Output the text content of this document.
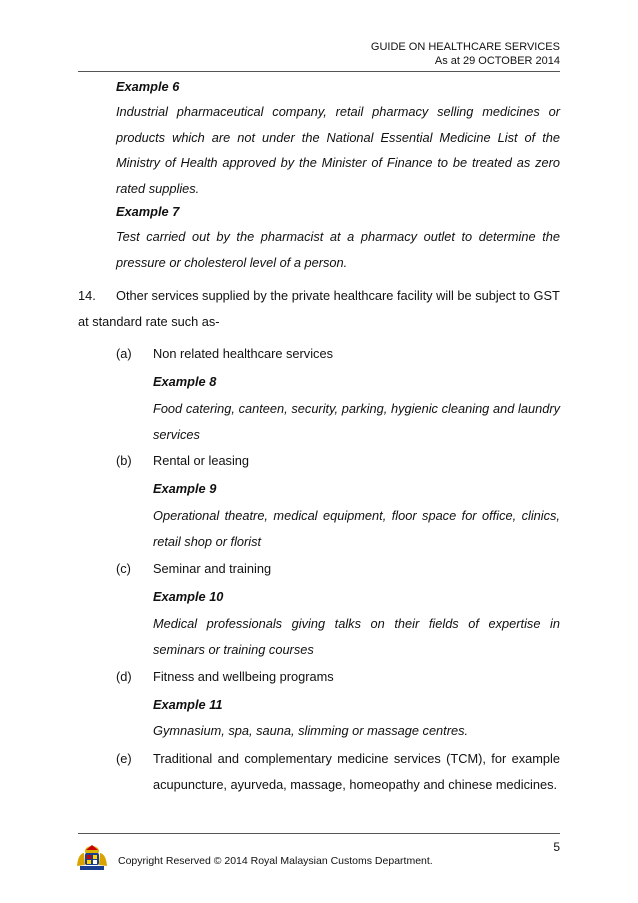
GUIDE ON HEALTHCARE SERVICES
As at 29 OCTOBER 2014
Example 6
Industrial pharmaceutical company, retail pharmacy selling medicines or products which are not under the National Essential Medicine List of the Ministry of Health approved by the Minister of Finance to be treated as zero rated supplies.
Example 7
Test carried out by the pharmacist at a pharmacy outlet to determine the pressure or cholesterol level of a person.
14. Other services supplied by the private healthcare facility will be subject to GST at standard rate such as-
(a) Non related healthcare services
Example 8
Food catering, canteen, security, parking, hygienic cleaning and laundry services
(b) Rental or leasing
Example 9
Operational theatre, medical equipment, floor space for office, clinics, retail shop or florist
(c) Seminar and training
Example 10
Medical professionals giving talks on their fields of expertise in seminars or training courses
(d) Fitness and wellbeing programs
Example 11
Gymnasium, spa, sauna, slimming or massage centres.
(e) Traditional and complementary medicine services (TCM), for example acupuncture, ayurveda, massage, homeopathy and chinese medicines.
5
Copyright Reserved © 2014 Royal Malaysian Customs Department.
